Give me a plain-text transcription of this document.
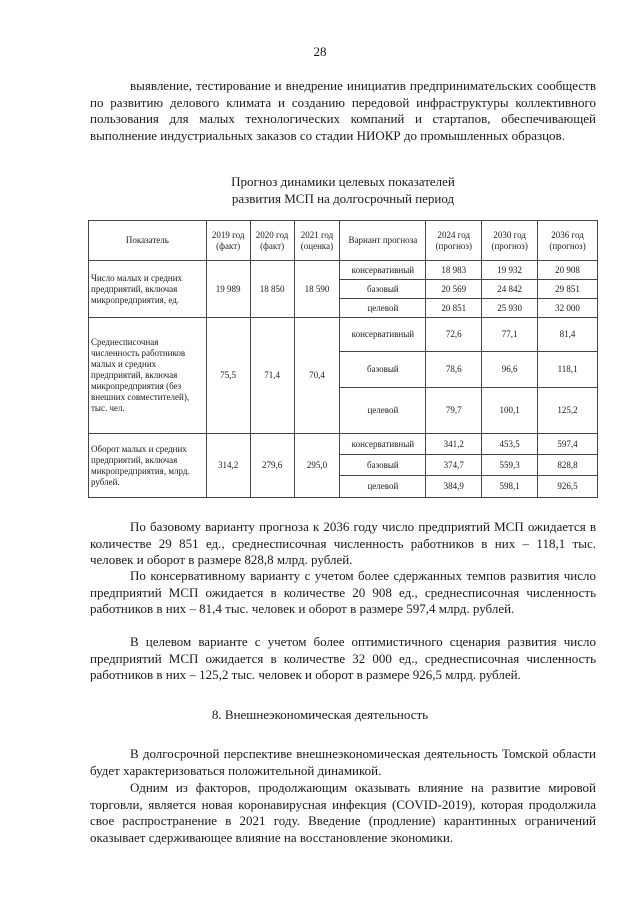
28

выявление, тестирование и внедрение инициатив предпринимательских сообществ по развитию делового климата и созданию передовой инфраструктуры коллективного пользования для малых технологических компаний и стартапов, обеспечивающей выполнение индустриальных заказов со стадии НИОКР до промышленных образцов.

Прогноз динамики целевых показателей
развития МСП на долгосрочный период
Показатель	2019 год (факт)	2020 год (факт)	2021 год (оценка)	Вариант прогноза	2024 год (прогноз)	2030 год (прогноз)	2036 год (прогноз)
Число малых и средних предприятий, включая микропредприятия, ед.	19 989	18 850	18 590	консервативный	18 983	19 932	20 908
				базовый	20 569	24 842	29 851
				целевой	20 851	25 930	32 000
Среднесписочная численность работников малых и средних предприятий, включая микропредприятия (без внешних совместителей), тыс. чел.	75,5	71,4	70,4	консервативный	72,6	77,1	81,4
				базовый	78,6	96,6	118,1
				целевой	79,7	100,1	125,2
Оборот малых и средних предприятий, включая микропредприятия, млрд. рублей.	314,2	279,6	295,0	консервативный	341,2	453,5	597,4
				базовый	374,7	559,3	828,8
				целевой	384,9	598,1	926,5

По базовому варианту прогноза к 2036 году число предприятий МСП ожидается в количестве 29 851 ед., среднесписочная численность работников в них – 118,1 тыс. человек и оборот в размере 828,8 млрд. рублей.

По консервативному варианту с учетом более сдержанных темпов развития число предприятий МСП ожидается в количестве 20 908 ед., среднесписочная численность работников в них – 81,4 тыс. человек и оборот в размере 597,4 млрд. рублей.

В целевом варианте с учетом более оптимистичного сценария развития число предприятий МСП ожидается в количестве 32 000 ед., среднесписочная численность работников в них – 125,2 тыс. человек и оборот в размере 926,5 млрд. рублей.

8. Внешнеэкономическая деятельность

В долгосрочной перспективе внешнеэкономическая деятельность Томской области будет характеризоваться положительной динамикой.

Одним из факторов, продолжающим оказывать влияние на развитие мировой торговли, является новая коронавирусная инфекция (COVID-2019), которая продолжила свое распространение в 2021 году. Введение (продление) карантинных ограничений оказывает сдерживающее влияние на восстановление экономики.
